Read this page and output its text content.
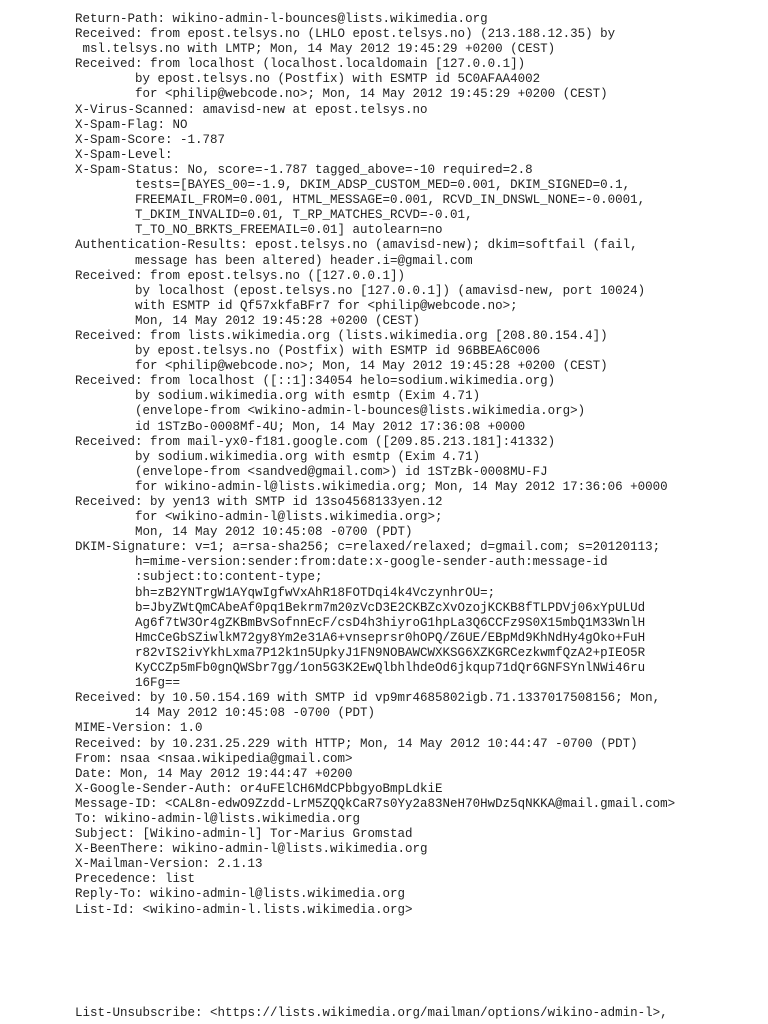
Return-Path: wikino-admin-l-bounces@lists.wikimedia.org
Received: from epost.telsys.no (LHLO epost.telsys.no) (213.188.12.35) by
msl.telsys.no with LMTP; Mon, 14 May 2012 19:45:29 +0200 (CEST)
Received: from localhost (localhost.localdomain [127.0.0.1])
by epost.telsys.no (Postfix) with ESMTP id 5C0AFAA4002
for <philip@webcode.no>; Mon, 14 May 2012 19:45:29 +0200 (CEST)
X-Virus-Scanned: amavisd-new at epost.telsys.no
X-Spam-Flag: NO
X-Spam-Score: -1.787
X-Spam-Level:
X-Spam-Status: No, score=-1.787 tagged_above=-10 required=2.8
tests=[BAYES_00=-1.9, DKIM_ADSP_CUSTOM_MED=0.001, DKIM_SIGNED=0.1,
FREEMAIL_FROM=0.001, HTML_MESSAGE=0.001, RCVD_IN_DNSWL_NONE=-0.0001,
T_DKIM_INVALID=0.01, T_RP_MATCHES_RCVD=-0.01,
T_TO_NO_BRKTS_FREEMAIL=0.01] autolearn=no
Authentication-Results: epost.telsys.no (amavisd-new); dkim=softfail (fail,
message has been altered) header.i=@gmail.com
Received: from epost.telsys.no ([127.0.0.1])
by localhost (epost.telsys.no [127.0.0.1]) (amavisd-new, port 10024)
with ESMTP id Qf57xkfaBFr7 for <philip@webcode.no>;
Mon, 14 May 2012 19:45:28 +0200 (CEST)
Received: from lists.wikimedia.org (lists.wikimedia.org [208.80.154.4])
by epost.telsys.no (Postfix) with ESMTP id 96BBEA6C006
for <philip@webcode.no>; Mon, 14 May 2012 19:45:28 +0200 (CEST)
Received: from localhost ([::1]:34054 helo=sodium.wikimedia.org)
by sodium.wikimedia.org with esmtp (Exim 4.71)
(envelope-from <wikino-admin-l-bounces@lists.wikimedia.org>)
id 1STzBo-0008Mf-4U; Mon, 14 May 2012 17:36:08 +0000
Received: from mail-yx0-f181.google.com ([209.85.213.181]:41332)
by sodium.wikimedia.org with esmtp (Exim 4.71)
(envelope-from <sandved@gmail.com>) id 1STzBk-0008MU-FJ
for wikino-admin-l@lists.wikimedia.org; Mon, 14 May 2012 17:36:06 +0000
Received: by yen13 with SMTP id 13so4568133yen.12
for <wikino-admin-l@lists.wikimedia.org>;
Mon, 14 May 2012 10:45:08 -0700 (PDT)
DKIM-Signature: v=1; a=rsa-sha256; c=relaxed/relaxed; d=gmail.com; s=20120113;
h=mime-version:sender:from:date:x-google-sender-auth:message-id
:subject:to:content-type;
bh=zB2YNTrgW1AYqwIgfwVxAhR18FOTDqi4k4VczynhrOU=;
b=JbyZWtQmCAbeAf0pq1Bekrm7m20zVcD3E2CKBZcXvOzojKCKB8fTLPDVj06xYpULUd
Ag6f7tW3Or4gZKBmBvSofnnEcF/csD4h3hiyroG1hpLa3Q6CCFz9S0X15mbQ1M33WnlH
HmcCeGbSZiwlkM72gy8Ym2e31A6+vnseprsr0hOPQ/Z6UE/EBpMd9KhNdHy4gOko+FuH
r82vIS2ivYkhLxma7P12k1n5UpkyJ1FN9NOBAWCWXKSG6XZKGRCezkwmfQzA2+pIEO5R
KyCCZp5mFb0gnQWSbr7gg/1on5G3K2EwQlbhlhdeOd6jkqup71dQr6GNFSYnlNWi46ru
16Fg==
Received: by 10.50.154.169 with SMTP id vp9mr4685802igb.71.1337017508156; Mon,
14 May 2012 10:45:08 -0700 (PDT)
MIME-Version: 1.0
Received: by 10.231.25.229 with HTTP; Mon, 14 May 2012 10:44:47 -0700 (PDT)
From: nsaa <nsaa.wikipedia@gmail.com>
Date: Mon, 14 May 2012 19:44:47 +0200
X-Google-Sender-Auth: or4uFElCH6MdCPbbgyoBmpLdkiE
Message-ID: <CAL8n-edwO9Zzdd-LrM5ZQQkCaR7s0Yy2a83NeH70HwDz5qNKKA@mail.gmail.com>
To: wikino-admin-l@lists.wikimedia.org
Subject: [Wikino-admin-l] Tor-Marius Gromstad
X-BeenThere: wikino-admin-l@lists.wikimedia.org
X-Mailman-Version: 2.1.13
Precedence: list
Reply-To: wikino-admin-l@lists.wikimedia.org
List-Id: <wikino-admin-l.lists.wikimedia.org>
List-Unsubscribe: <https://lists.wikimedia.org/mailman/options/wikino-admin-l>,
